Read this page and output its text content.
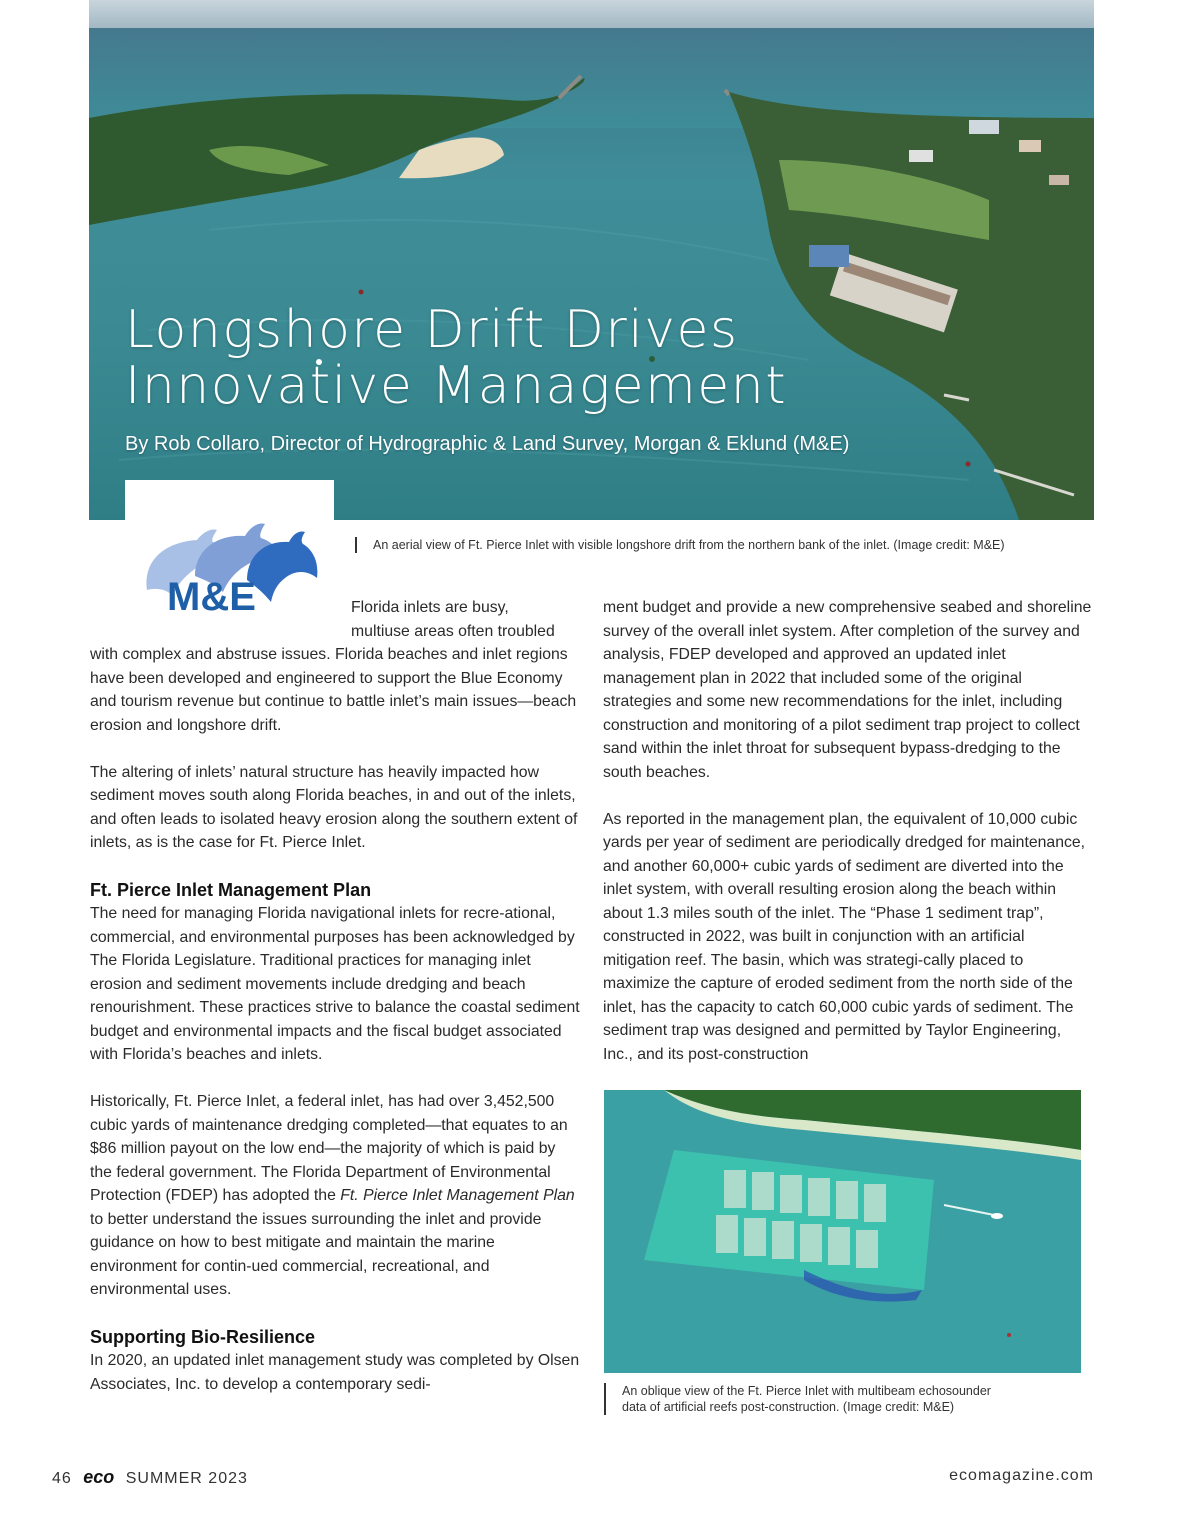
Longshore Drift Drives
Innovative Management

By Rob Collaro, Director of Hydrographic & Land Survey, Morgan & Eklund (M&E)

M&E
An aerial view of Ft. Pierce Inlet with visible longshore drift from the northern bank of the inlet. (Image credit: M&E)

Florida inlets are busy,
multiuse areas often troubled
with complex and abstruse issues. Florida beaches and inlet regions have been developed and engineered to support the Blue Economy and tourism revenue but continue to battle inlet’s main issues—beach erosion and longshore drift.

The altering of inlets’ natural structure has heavily impacted how sediment moves south along Florida beaches, in and out of the inlets, and often leads to isolated heavy erosion along the southern extent of inlets, as is the case for Ft. Pierce Inlet.

Ft. Pierce Inlet Management Plan

The need for managing Florida navigational inlets for recre-ational, commercial, and environmental purposes has been acknowledged by The Florida Legislature. Traditional practices for managing inlet erosion and sediment movements include dredging and beach renourishment. These practices strive to balance the coastal sediment budget and environmental impacts and the fiscal budget associated with Florida’s beaches and inlets.

Historically, Ft. Pierce Inlet, a federal inlet, has had over 3,452,500 cubic yards of maintenance dredging completed—that equates to an $86 million payout on the low end—the majority of which is paid by the federal government. The Florida Department of Environmental Protection (FDEP) has adopted the Ft. Pierce Inlet Management Plan to better understand the issues surrounding the inlet and provide guidance on how to best mitigate and maintain the marine environment for contin-ued commercial, recreational, and environmental uses.

Supporting Bio-Resilience

In 2020, an updated inlet management study was completed by Olsen Associates, Inc. to develop a contemporary sedi-

ment budget and provide a new comprehensive seabed and shoreline survey of the overall inlet system. After completion of the survey and analysis, FDEP developed and approved an updated inlet management plan in 2022 that included some of the original strategies and some new recommendations for the inlet, including construction and monitoring of a pilot sediment trap project to collect sand within the inlet throat for subsequent bypass-dredging to the south beaches.

As reported in the management plan, the equivalent of 10,000 cubic yards per year of sediment are periodically dredged for maintenance, and another 60,000+ cubic yards of sediment are diverted into the inlet system, with overall resulting erosion along the beach within about 1.3 miles south of the inlet. The “Phase 1 sediment trap”, constructed in 2022, was built in conjunction with an artificial mitigation reef. The basin, which was strategi-cally placed to maximize the capture of eroded sediment from the north side of the inlet, has the capacity to catch 60,000 cubic yards of sediment. The sediment trap was designed and permitted by Taylor Engineering, Inc., and its post-construction

An oblique view of the Ft. Pierce Inlet with multibeam echosounder
data of artificial reefs post-construction. (Image credit: M&E)
46 eco SUMMER 2023	ecomagazine.com
